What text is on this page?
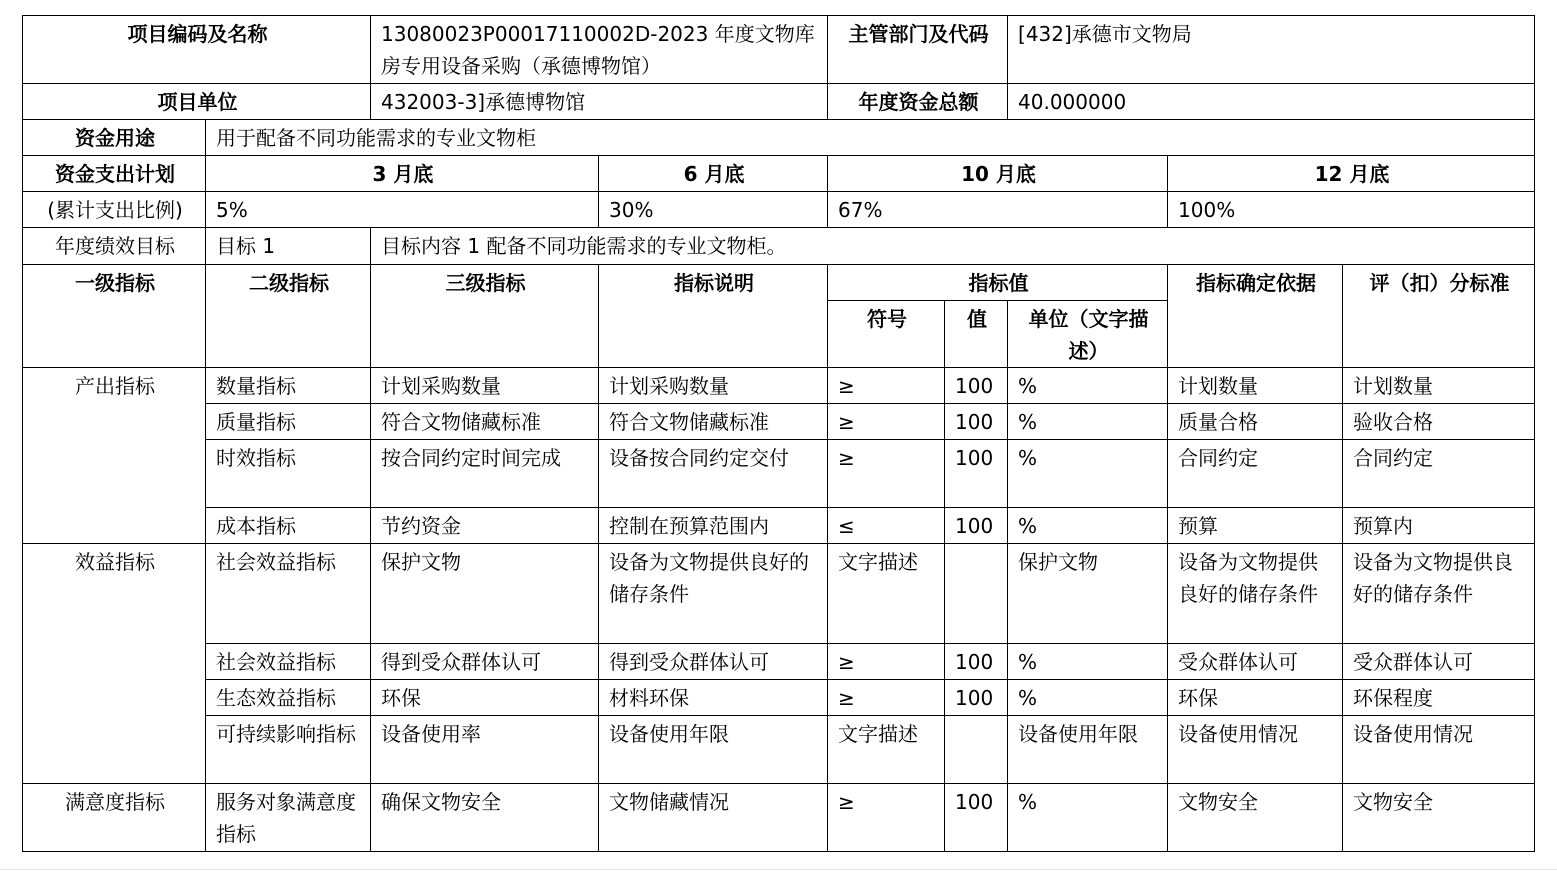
项目编码及名称		13080023P00017110002D-2023 年度文物库房专用设备采购（承德博物馆）		主管部门及代码		[432]承德市文物局		
项目单位		432003-3]承德博物馆		年度资金总额		40.000000		
资金用途	用于配备不同功能需求的专业文物柜							
资金支出计划	3 月底		6 月底	10 月底			12 月底	
(累计支出比例)	5%		30%	67%			100%	
年度绩效目标	目标 1	目标内容 1 配备不同功能需求的专业文物柜。						
一级指标	二级指标	三级指标	指标说明	指标值			指标确定依据	评（扣）分标准
				符号	值	单位（文字描述）		
产出指标	数量指标	计划采购数量	计划采购数量	≥	100	%	计划数量	计划数量
	质量指标	符合文物储藏标准	符合文物储藏标准	≥	100	%	质量合格	验收合格
	时效指标	按合同约定时间完成	设备按合同约定交付	≥	100	%	合同约定	合同约定
	成本指标	节约资金	控制在预算范围内	≤	100	%	预算	预算内
效益指标	社会效益指标	保护文物	设备为文物提供良好的储存条件	文字描述		保护文物	设备为文物提供良好的储存条件	设备为文物提供良好的储存条件
	社会效益指标	得到受众群体认可	得到受众群体认可	≥	100	%	受众群体认可	受众群体认可
	生态效益指标	环保	材料环保	≥	100	%	环保	环保程度
	可持续影响指标	设备使用率	设备使用年限	文字描述		设备使用年限	设备使用情况	设备使用情况
满意度指标	服务对象满意度指标	确保文物安全	文物储藏情况	≥	100	%	文物安全	文物安全
